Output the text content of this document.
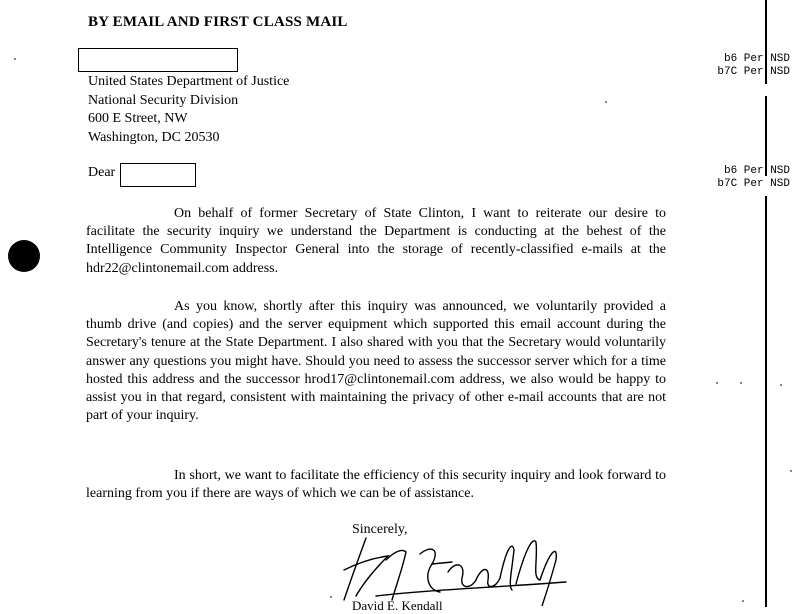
BY EMAIL AND FIRST CLASS MAIL
United States Department of Justice
National Security Division
600 E Street, NW
Washington, DC 20530
Dear
On behalf of former Secretary of State Clinton, I want to reiterate our desire to facilitate the security inquiry we understand the Department is conducting at the behest of the Intelligence Community Inspector General into the storage of recently-classified e-mails at the hdr22@clintonemail.com address.
As you know, shortly after this inquiry was announced, we voluntarily provided a thumb drive (and copies) and the server equipment which supported this email account during the Secretary's tenure at the State Department. I also shared with you that the Secretary would voluntarily answer any questions you might have. Should you need to assess the successor server which for a time hosted this address and the successor hrod17@clintonemail.com address, we also would be happy to assist you in that regard, consistent with maintaining the privacy of other e-mail accounts that are not part of your inquiry.
In short, we want to facilitate the efficiency of this security inquiry and look forward to learning from you if there are ways of which we can be of assistance.
Sincerely,
David E. Kendall
b6 Per NSD
b7C Per NSD
b6 Per NSD
b7C Per NSD
